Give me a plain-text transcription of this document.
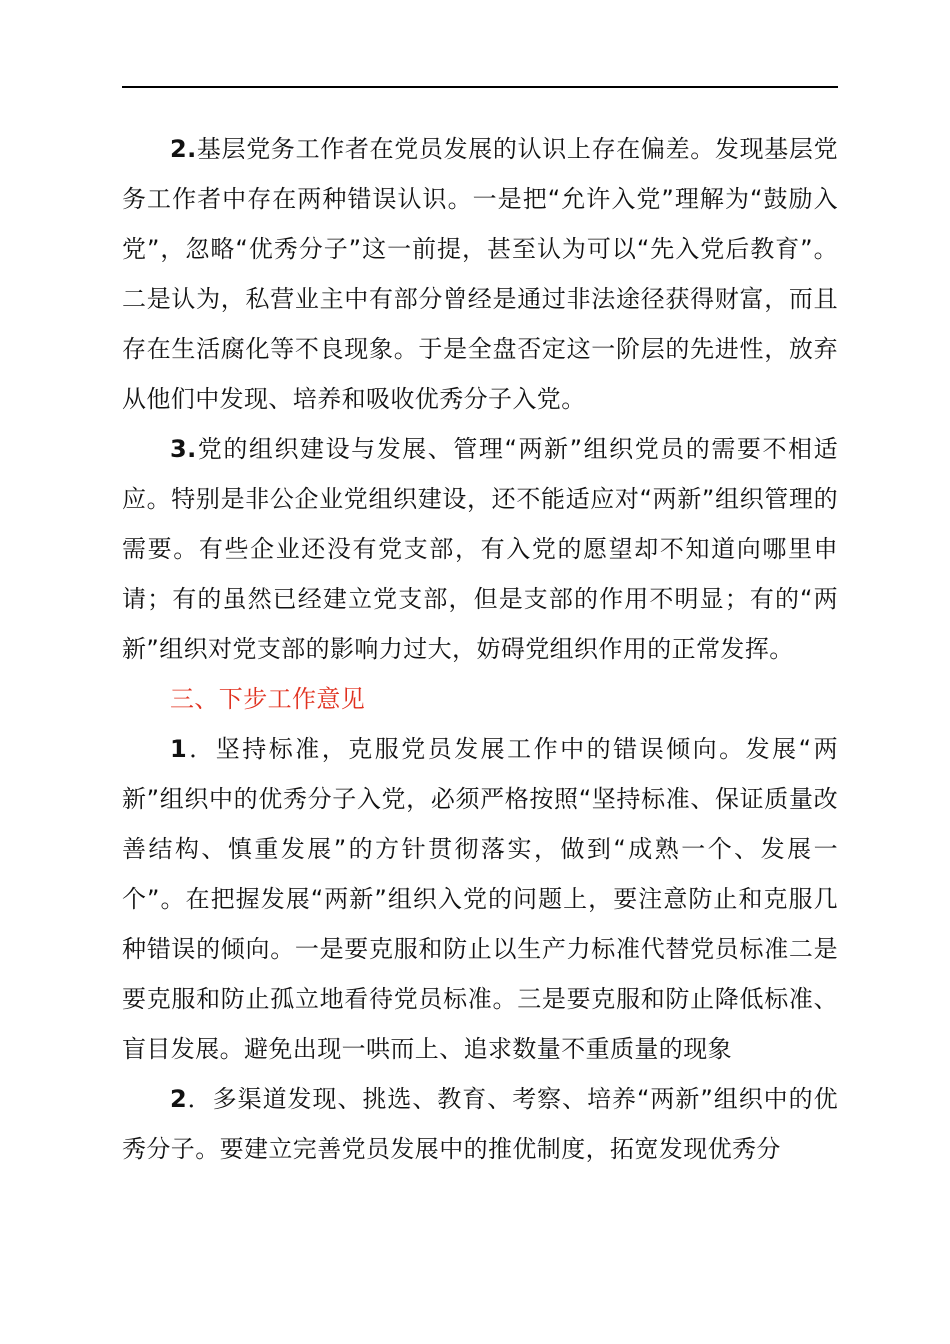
2.基层党务工作者在党员发展的认识上存在偏差。发现基层党务工作者中存在两种错误认识。一是把“允许入党”理解为“鼓励入党”，忽略“优秀分子”这一前提，甚至认为可以“先入党后教育”。二是认为，私营业主中有部分曾经是通过非法途径获得财富，而且存在生活腐化等不良现象。于是全盘否定这一阶层的先进性，放弃从他们中发现、培养和吸收优秀分子入党。

3.党的组织建设与发展、管理“两新”组织党员的需要不相适应。特别是非公企业党组织建设，还不能适应对“两新”组织管理的需要。有些企业还没有党支部，有入党的愿望却不知道向哪里申请；有的虽然已经建立党支部，但是支部的作用不明显；有的“两新”组织对党支部的影响力过大，妨碍党组织作用的正常发挥。

三、下步工作意见

1．坚持标准，克服党员发展工作中的错误倾向。发展“两新”组织中的优秀分子入党，必须严格按照“坚持标准、保证质量改善结构、慎重发展”的方针贯彻落实，做到“成熟一个、发展一个”。在把握发展“两新”组织入党的问题上，要注意防止和克服几种错误的倾向。一是要克服和防止以生产力标准代替党员标准二是要克服和防止孤立地看待党员标准。三是要克服和防止降低标准、盲目发展。避免出现一哄而上、追求数量不重质量的现象

2．多渠道发现、挑选、教育、考察、培养“两新”组织中的优秀分子。要建立完善党员发展中的推优制度，拓宽发现优秀分
